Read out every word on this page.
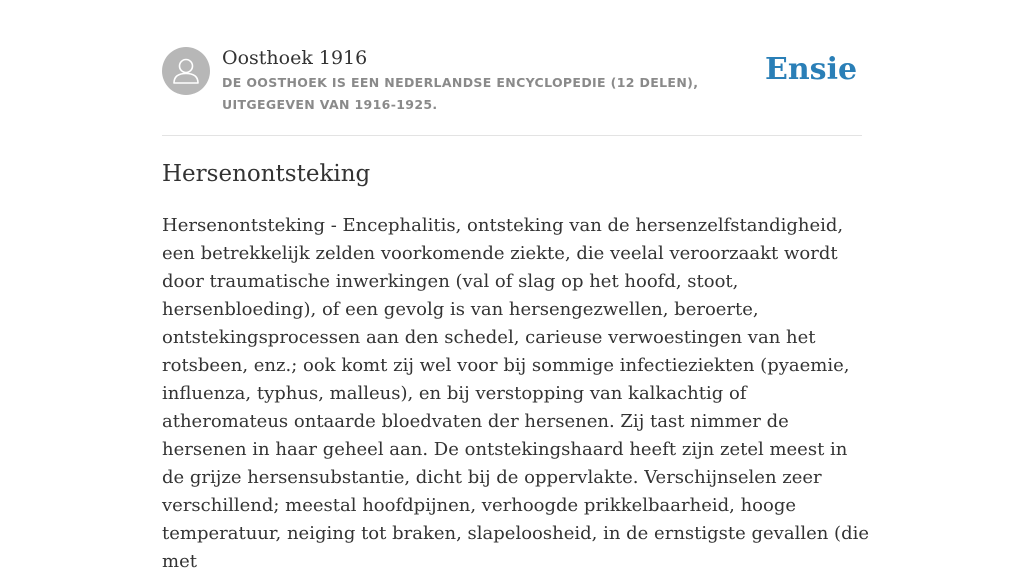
Oosthoek 1916
DE OOSTHOEK IS EEN NEDERLANDSE ENCYCLOPEDIE (12 DELEN), UITGEGEVEN VAN 1916-1925.
Ensie
Hersenontsteking

Hersenontsteking - Encephalitis, ontsteking van de hersenzelfstandigheid, een betrekkelijk zelden voorkomende ziekte, die veelal veroorzaakt wordt door traumatische inwerkingen (val of slag op het hoofd, stoot, hersenbloeding), of een gevolg is van hersengezwellen, beroerte, ontstekingsprocessen aan den schedel, carieuse verwoestingen van het rotsbeen, enz.; ook komt zij wel voor bij sommige infectieziekten (pyaemie, influenza, typhus, malleus), en bij verstopping van kalkachtig of atheromateus ontaarde bloedvaten der hersenen. Zij tast nimmer de hersenen in haar geheel aan. De ontstekingshaard heeft zijn zetel meest in de grijze hersensubstantie, dicht bij de oppervlakte. Verschijnselen zeer verschillend; meestal hoofdpijnen, verhoogde prikkelbaarheid, hooge temperatuur, neiging tot braken, slapeloosheid, in de ernstigste gevallen (die met
